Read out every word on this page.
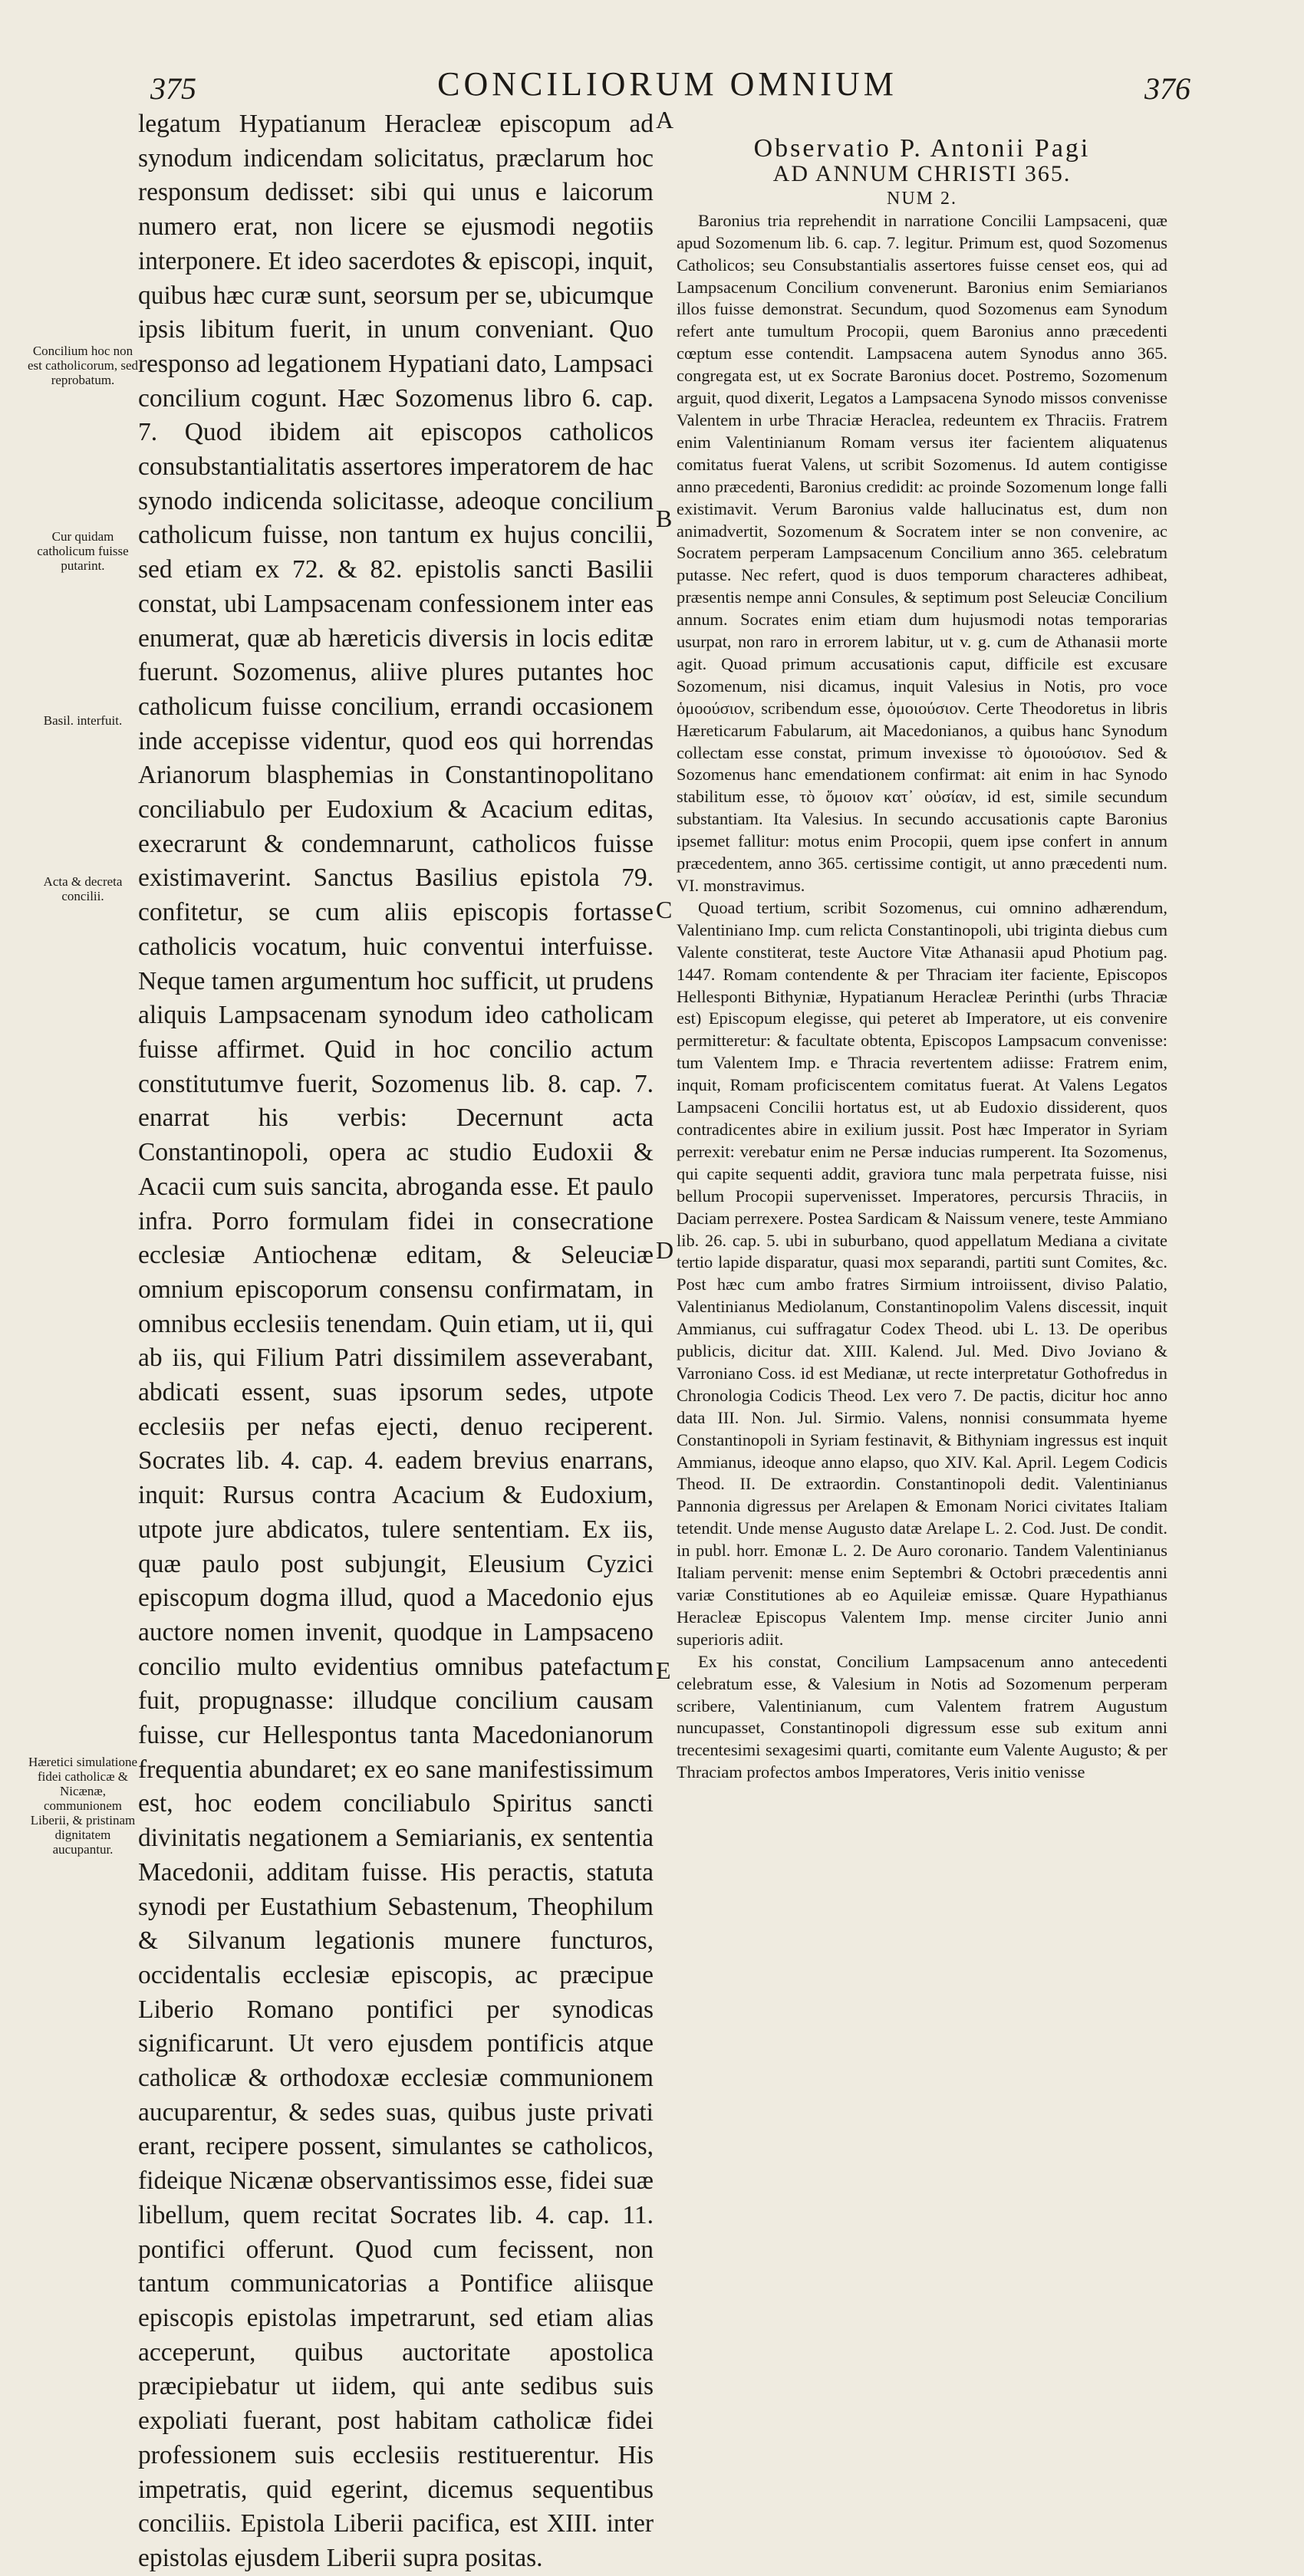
375	CONCILIORUM OMNIUM	376

legatum Hypatianum Heracleæ episcopum ad synodum indicendam solicitatus, præclarum hoc responsum dedisset: sibi qui unus e laicorum numero erat, non licere se ejusmodi negotiis interponere. Et ideo sacerdotes & episcopi, inquit, quibus hæc curæ sunt, seorsum per se, ubicumque ipsis libitum fuerit, in unum conveniant. Quo responso ad legationem Hypatiani dato, Lampsaci concilium cogunt. Hæc Sozomenus libro 6. cap. 7. Quod ibidem ait episcopos catholicos consubstantialitatis assertores imperatorem de hac synodo indicenda solicitasse, adeoque concilium catholicum fuisse, non tantum ex hujus concilii, sed etiam ex 72. & 82. epistolis sancti Basilii constat, ubi Lampsacenam confessionem inter eas enumerat, quæ ab hæreticis diversis in locis editæ fuerunt. Sozomenus, aliive plures putantes hoc catholicum fuisse concilium, errandi occasionem inde accepisse videntur, quod eos qui horrendas Arianorum blasphemias in Constantinopolitano conciliabulo per Eudoxium & Acacium editas, execrarunt & condemnarunt, catholicos fuisse existimaverint. Sanctus Basilius epistola 79. confitetur, se cum aliis episcopis fortasse catholicis vocatum, huic conventui interfuisse. Neque tamen argumentum hoc sufficit, ut prudens aliquis Lampsacenam synodum ideo catholicam fuisse affirmet. Quid in hoc concilio actum constitutumve fuerit, Sozomenus lib. 8. cap. 7. enarrat his verbis: Decernunt acta Constantinopoli, opera ac studio Eudoxii & Acacii cum suis sancita, abroganda esse. Et paulo infra. Porro formulam fidei in consecratione ecclesiæ Antiochenæ editam, & Seleuciæ omnium episcoporum consensu confirmatam, in omnibus ecclesiis tenendam. Quin etiam, ut ii, qui ab iis, qui Filium Patri dissimilem asseverabant, abdicati essent, suas ipsorum sedes, utpote ecclesiis per nefas ejecti, denuo reciperent. Socrates lib. 4. cap. 4. eadem brevius enarrans, inquit: Rursus contra Acacium & Eudoxium, utpote jure abdicatos, tulere sententiam. Ex iis, quæ paulo post subjungit, Eleusium Cyzici episcopum dogma illud, quod a Macedonio ejus auctore nomen invenit, quodque in Lampsaceno concilio multo evidentius omnibus patefactum fuit, propugnasse: illudque concilium causam fuisse, cur Hellespontus tanta Macedonianorum frequentia abundaret; ex eo sane manifestissimum est, hoc eodem conciliabulo Spiritus sancti divinitatis negationem a Semiarianis, ex sententia Macedonii, additam fuisse. His peractis, statuta synodi per Eustathium Sebastenum, Theophilum & Silvanum legationis munere functuros, occidentalis ecclesiæ episcopis, ac præcipue Liberio Romano pontifici per synodicas significarunt. Ut vero ejusdem pontificis atque catholicæ & orthodoxæ ecclesiæ communionem aucuparentur, & sedes suas, quibus juste privati erant, recipere possent, simulantes se catholicos, fideique Nicænæ observantissimos esse, fidei suæ libellum, quem recitat Socrates lib. 4. cap. 11. pontifici offerunt. Quod cum fecissent, non tantum communicatorias a Pontifice aliisque episcopis epistolas impetrarunt, sed etiam alias acceperunt, quibus auctoritate apostolica præcipiebatur ut iidem, qui ante sedibus suis expoliati fuerant, post habitam catholicæ fidei professionem suis ecclesiis restituerentur. His impetratis, quid egerint, dicemus sequentibus conciliis. Epistola Liberii pacifica, est XIII. inter epistolas ejusdem Liberii supra positas.

Concilium hoc non est catholicorum, sed reprobatum.
Cur quidam catholicum fuisse putarint.
Basil. interfuit.
Acta & decreta concilii.
Hæretici simulatione fidei catholicæ & Nicænæ, communionem Liberii, & pristinam dignitatem aucupantur.
A
B
C
D
E

Observatio P. Antonii Pagi

AD ANNUM CHRISTI 365.

NUM 2.

Baronius tria reprehendit in narratione Concilii Lampsaceni, quæ apud Sozomenum lib. 6. cap. 7. legitur. Primum est, quod Sozomenus Catholicos; seu Consubstantialis assertores fuisse censet eos, qui ad Lampsacenum Concilium convenerunt. Baronius enim Semiarianos illos fuisse demonstrat. Secundum, quod Sozomenus eam Synodum refert ante tumultum Procopii, quem Baronius anno præcedenti cœptum esse contendit. Lampsacena autem Synodus anno 365. congregata est, ut ex Socrate Baronius docet. Postremo, Sozomenum arguit, quod dixerit, Legatos a Lampsacena Synodo missos convenisse Valentem in urbe Thraciæ Heraclea, redeuntem ex Thraciis. Fratrem enim Valentinianum Romam versus iter facientem aliquatenus comitatus fuerat Valens, ut scribit Sozomenus. Id autem contigisse anno præcedenti, Baronius credidit: ac proinde Sozomenum longe falli existimavit. Verum Baronius valde hallucinatus est, dum non animadvertit, Sozomenum & Socratem inter se non convenire, ac Socratem perperam Lampsacenum Concilium anno 365. celebratum putasse. Nec refert, quod is duos temporum characteres adhibeat, præsentis nempe anni Consules, & septimum post Seleuciæ Concilium annum. Socrates enim etiam dum hujusmodi notas temporarias usurpat, non raro in errorem labitur, ut v. g. cum de Athanasii morte agit. Quoad primum accusationis caput, difficile est excusare Sozomenum, nisi dicamus, inquit Valesius in Notis, pro voce ὁμοούσιον, scribendum esse, ὁμοιούσιον. Certe Theodoretus in libris Hæreticarum Fabularum, ait Macedonianos, a quibus hanc Synodum collectam esse constat, primum invexisse τὸ ὁμοιούσιον. Sed & Sozomenus hanc emendationem confirmat: ait enim in hac Synodo stabilitum esse, τὸ ὅμοιον κατ᾽ οὐσίαν, id est, simile secundum substantiam. Ita Valesius. In secundo accusationis capte Baronius ipsemet fallitur: motus enim Procopii, quem ipse confert in annum præcedentem, anno 365. certissime contigit, ut anno præcedenti num. VI. monstravimus.

Quoad tertium, scribit Sozomenus, cui omnino adhærendum, Valentiniano Imp. cum relicta Constantinopoli, ubi triginta diebus cum Valente constiterat, teste Auctore Vitæ Athanasii apud Photium pag. 1447. Romam contendente & per Thraciam iter faciente, Episcopos Hellesponti Bithyniæ, Hypatianum Heracleæ Perinthi (urbs Thraciæ est) Episcopum elegisse, qui peteret ab Imperatore, ut eis convenire permitteretur: & facultate obtenta, Episcopos Lampsacum convenisse: tum Valentem Imp. e Thracia revertentem adiisse: Fratrem enim, inquit, Romam proficiscentem comitatus fuerat. At Valens Legatos Lampsaceni Concilii hortatus est, ut ab Eudoxio dissiderent, quos contradicentes abire in exilium jussit. Post hæc Imperator in Syriam perrexit: verebatur enim ne Persæ inducias rumperent. Ita Sozomenus, qui capite sequenti addit, graviora tunc mala perpetrata fuisse, nisi bellum Procopii supervenisset. Imperatores, percursis Thraciis, in Daciam perrexere. Postea Sardicam & Naissum venere, teste Ammiano lib. 26. cap. 5. ubi in suburbano, quod appellatum Mediana a civitate tertio lapide disparatur, quasi mox separandi, partiti sunt Comites, &c. Post hæc cum ambo fratres Sirmium introiissent, diviso Palatio, Valentinianus Mediolanum, Constantinopolim Valens discessit, inquit Ammianus, cui suffragatur Codex Theod. ubi L. 13. De operibus publicis, dicitur dat. XIII. Kalend. Jul. Med. Divo Joviano & Varroniano Coss. id est Medianæ, ut recte interpretatur Gothofredus in Chronologia Codicis Theod. Lex vero 7. De pactis, dicitur hoc anno data III. Non. Jul. Sirmio. Valens, nonnisi consummata hyeme Constantinopoli in Syriam festinavit, & Bithyniam ingressus est inquit Ammianus, ideoque anno elapso, quo XIV. Kal. April. Legem Codicis Theod. II. De extraordin. Constantinopoli dedit. Valentinianus Pannonia digressus per Arelapen & Emonam Norici civitates Italiam tetendit. Unde mense Augusto datæ Arelape L. 2. Cod. Just. De condit. in publ. horr. Emonæ L. 2. De Auro coronario. Tandem Valentinianus Italiam pervenit: mense enim Septembri & Octobri præcedentis anni variæ Constitutiones ab eo Aquileiæ emissæ. Quare Hypathianus Heracleæ Episcopus Valentem Imp. mense circiter Junio anni superioris adiit.

Ex his constat, Concilium Lampsacenum anno antecedenti celebratum esse, & Valesium in Notis ad Sozomenum perperam scribere, Valentinianum, cum Valentem fratrem Augustum nuncupasset, Constantinopoli digressum esse sub exitum anni trecentesimi sexagesimi quarti, comitante eum Valente Augusto; & per Thraciam profectos ambos Imperatores, Veris initio venisse
